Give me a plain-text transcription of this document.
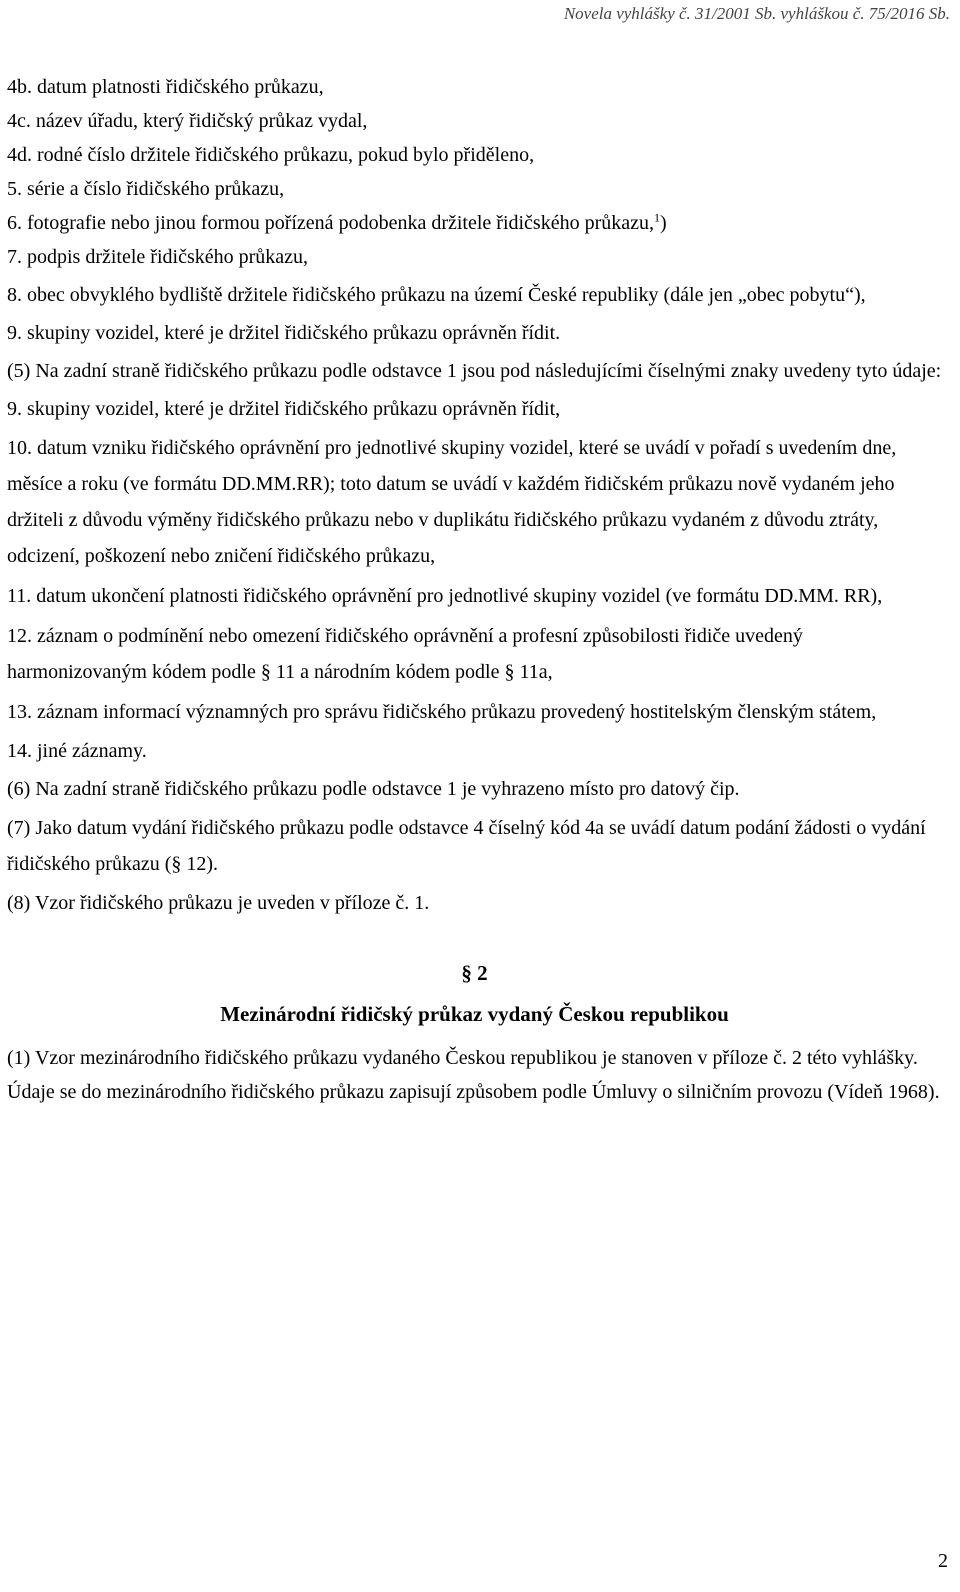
Novela vyhlášky č. 31/2001 Sb. vyhláškou č. 75/2016 Sb.

4b. datum platnosti řidičského průkazu,

4c. název úřadu, který řidičský průkaz vydal,

4d. rodné číslo držitele řidičského průkazu, pokud bylo přiděleno,

5. série a číslo řidičského průkazu,

6. fotografie nebo jinou formou pořízená podobenka držitele řidičského průkazu,$^1$)

7. podpis držitele řidičského průkazu,

8. obec obvyklého bydliště držitele řidičského průkazu na území České republiky (dále jen „obec pobytu“),

9. skupiny vozidel, které je držitel řidičského průkazu oprávněn řídit.

(5) Na zadní straně řidičského průkazu podle odstavce 1 jsou pod následujícími číselnými znaky uvedeny tyto údaje:

9. skupiny vozidel, které je držitel řidičského průkazu oprávněn řídit,

10. datum vzniku řidičského oprávnění pro jednotlivé skupiny vozidel, které se uvádí v pořadí s uvedením dne, měsíce a roku (ve formátu DD.MM.RR); toto datum se uvádí v každém řidičském průkazu nově vydaném jeho držiteli z důvodu výměny řidičského průkazu nebo v duplikátu řidičského průkazu vydaném z důvodu ztráty, odcizení, poškození nebo zničení řidičského průkazu,

11. datum ukončení platnosti řidičského oprávnění pro jednotlivé skupiny vozidel (ve formátu DD.MM. RR),

12. záznam o podmínění nebo omezení řidičského oprávnění a profesní způsobilosti řidiče uvedený harmonizovaným kódem podle § 11 a národním kódem podle § 11a,

13. záznam informací významných pro správu řidičského průkazu provedený hostitelským členským státem,

14. jiné záznamy.

(6) Na zadní straně řidičského průkazu podle odstavce 1 je vyhrazeno místo pro datový čip.

(7) Jako datum vydání řidičského průkazu podle odstavce 4 číselný kód 4a se uvádí datum podání žádosti o vydání řidičského průkazu (§ 12).

(8) Vzor řidičského průkazu je uveden v příloze č. 1.

§ 2
Mezinárodní řidičský průkaz vydaný Českou republikou

(1) Vzor mezinárodního řidičského průkazu vydaného Českou republikou je stanoven v příloze č. 2 této vyhlášky. Údaje se do mezinárodního řidičského průkazu zapisují způsobem podle Úmluvy o silničním provozu (Vídeň 1968).

2
